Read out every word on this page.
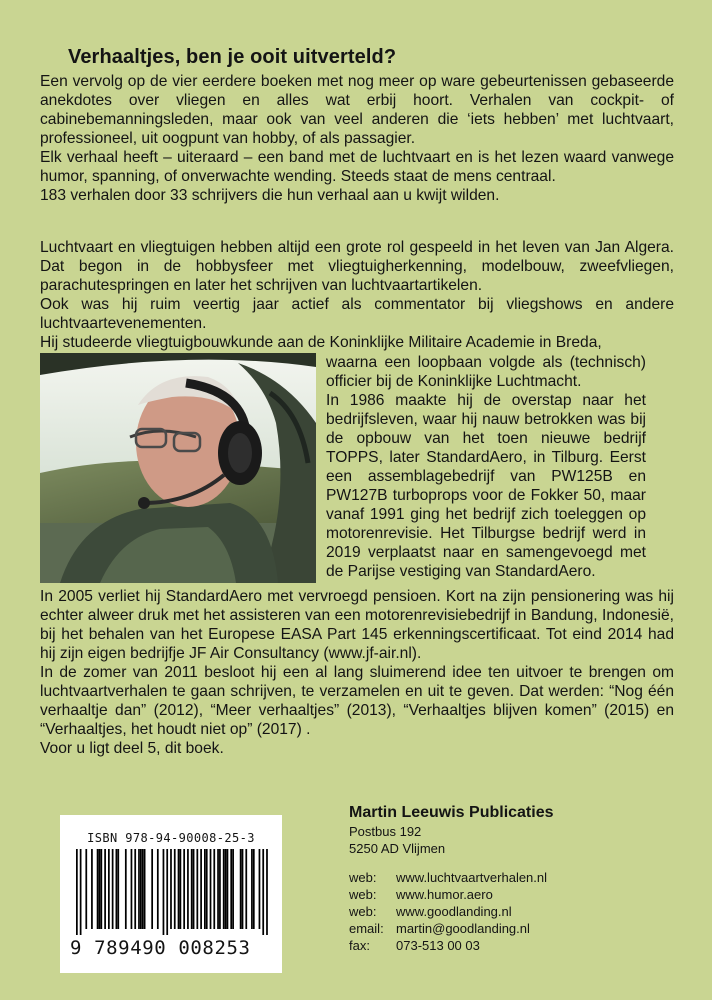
Verhaaltjes, ben je ooit uitverteld?

Een vervolg op de vier eerdere boeken met nog meer op ware gebeurtenissen gebaseerde anekdotes over vliegen en alles wat erbij hoort. Verhalen van cockpit- of cabinebemanningsleden, maar ook van veel anderen die ‘iets hebben’ met luchtvaart, professioneel, uit oogpunt van hobby, of als passagier.

Elk verhaal heeft – uiteraard – een band met de luchtvaart en is het lezen waard vanwege humor, spanning, of onverwachte wending. Steeds staat de mens centraal.

183 verhalen door 33 schrijvers die hun verhaal aan u kwijt wilden.

Luchtvaart en vliegtuigen hebben altijd een grote rol gespeeld in het leven van Jan Algera. Dat begon in de hobbysfeer met vliegtuigherkenning, modelbouw, zweefvliegen, parachutespringen en later het schrijven van luchtvaartartikelen.

Ook was hij ruim veertig jaar actief als commentator bij vliegshows en andere luchtvaartevenementen.

Hij studeerde vliegtuigbouwkunde aan de Koninklijke Militaire Academie in Breda,

waarna een loopbaan volgde als (technisch) officier bij de Koninklijke Luchtmacht.

In 1986 maakte hij de overstap naar het bedrijfsleven, waar hij nauw betrokken was bij de opbouw van het toen nieuwe bedrijf TOPPS, later StandardAero, in Tilburg. Eerst een assemblagebedrijf van PW125B en PW127B turboprops voor de Fokker 50, maar vanaf 1991 ging het bedrijf zich toeleggen op motorenrevisie. Het Tilburgse bedrijf werd in 2019 verplaatst naar en samengevoegd met de Parijse vestiging van StandardAero.

In 2005 verliet hij StandardAero met vervroegd pensioen. Kort na zijn pensionering was hij echter alweer druk met het assisteren van een motorenrevisiebedrijf in Bandung, Indonesië, bij het behalen van het Europese EASA Part 145 erkenningscertificaat. Tot eind 2014 had hij zijn eigen bedrijfje JF Air Consultancy (www.jf-air.nl).

In de zomer van 2011 besloot hij een al lang sluimerend idee ten uitvoer te brengen om luchtvaartverhalen te gaan schrijven, te verzamelen en uit te geven. Dat werden: “Nog één verhaaltje dan” (2012), “Meer verhaaltjes” (2013), “Verhaaltjes blijven komen” (2015) en “Verhaaltjes, het houdt niet op” (2017) .

Voor u ligt deel 5, dit boek.

ISBN 978-94-90008-25-3
9 789490 008253
Martin Leeuwis Publicaties
Postbus 192
5250 AD Vlijmen
web:	www.luchtvaartverhalen.nl
web:	www.humor.aero
web:	www.goodlanding.nl
email: martin@goodlanding.nl
fax:	073-513 00 03
